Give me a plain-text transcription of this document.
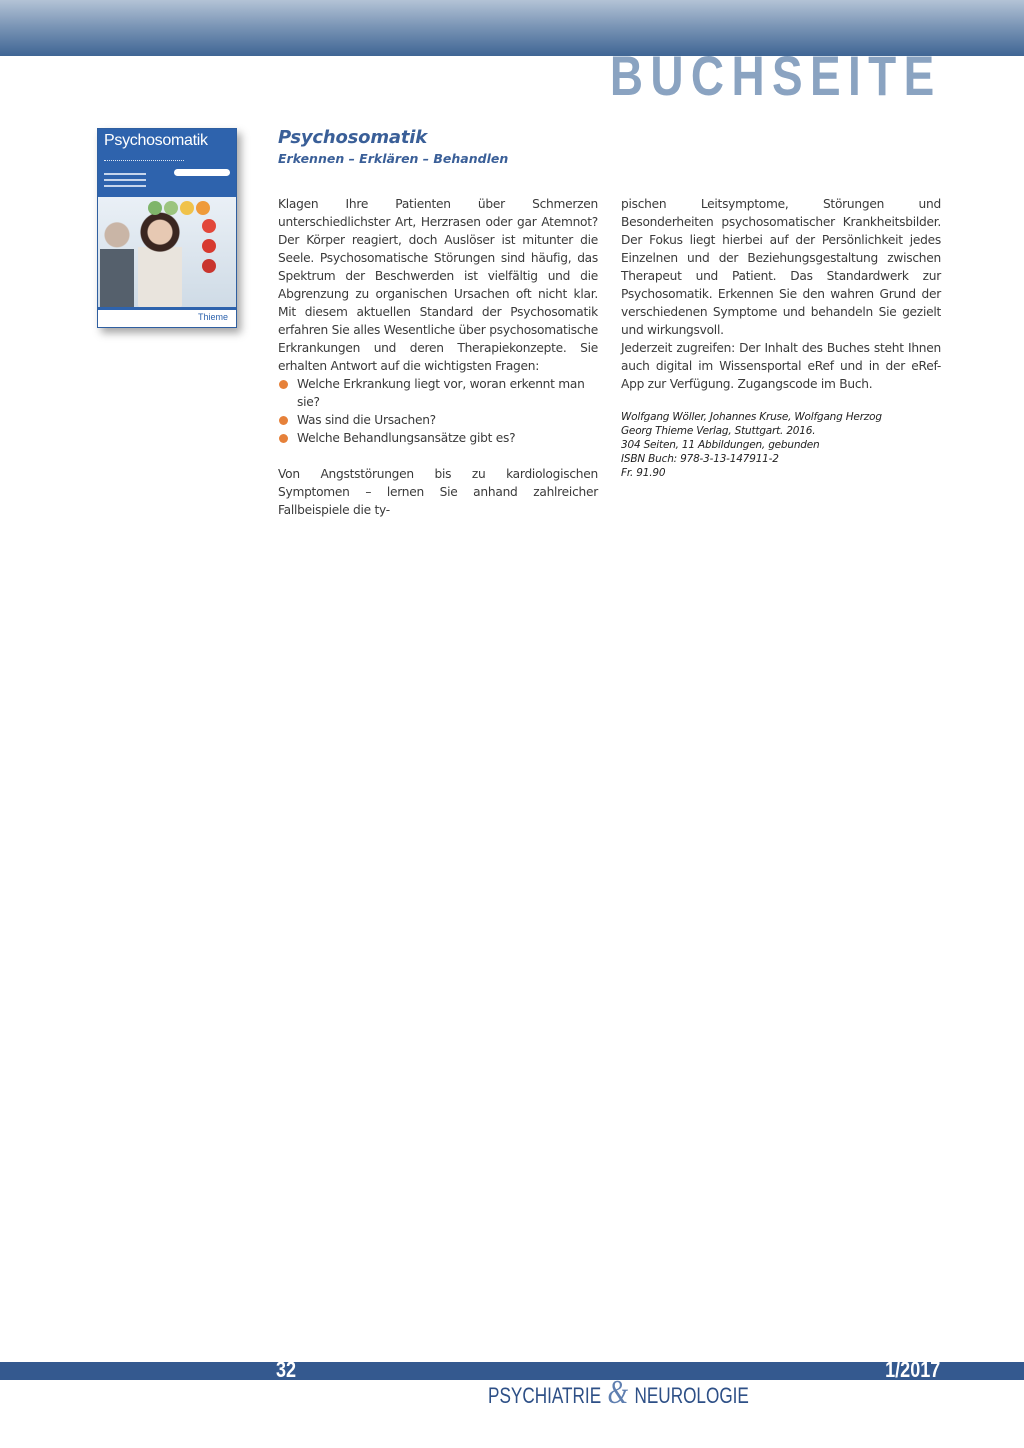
BUCHSEITE
Psychosomatik
Thieme
Psychosomatik
Erkennen – Erklären – Behandlen

Klagen Ihre Patienten über Schmerzen unterschiedlichster Art, Herzrasen oder gar Atemnot? Der Körper reagiert, doch Auslöser ist mitunter die Seele. Psychosomatische Störungen sind häufig, das Spektrum der Beschwerden ist vielfältig und die Abgrenzung zu organischen Ursachen oft nicht klar. Mit diesem aktuellen Standard der Psychosomatik erfahren Sie alles Wesentliche über psychosomatische Erkrankungen und deren Therapiekonzepte. Sie erhalten Antwort auf die wichtigsten Fragen:

Welche Erkrankung liegt vor, woran erkennt man sie?
Was sind die Ursachen?
Welche Behandlungsansätze gibt es?

Von Angststörungen bis zu kardiologischen Symptomen – lernen Sie anhand zahlreicher Fallbeispiele die ty-

pischen Leitsymptome, Störungen und Besonderheiten psychosomatischer Krankheitsbilder. Der Fokus liegt hierbei auf der Persönlichkeit jedes Einzelnen und der Beziehungsgestaltung zwischen Therapeut und Patient. Das Standardwerk zur Psychosomatik. Erkennen Sie den wahren Grund der verschiedenen Symptome und behandeln Sie gezielt und wirkungsvoll.

Jederzeit zugreifen: Der Inhalt des Buches steht Ihnen auch digital im Wissensportal eRef und in der eRef-App zur Verfügung. Zugangscode im Buch.

Wolfgang Wöller, Johannes Kruse, Wolfgang Herzog
Georg Thieme Verlag, Stuttgart. 2016.
304 Seiten, 11 Abbildungen, gebunden
ISBN Buch: 978-3-13-147911-2
Fr. 91.90
32	1/2017
PSYCHIATRIE & NEUROLOGIE
